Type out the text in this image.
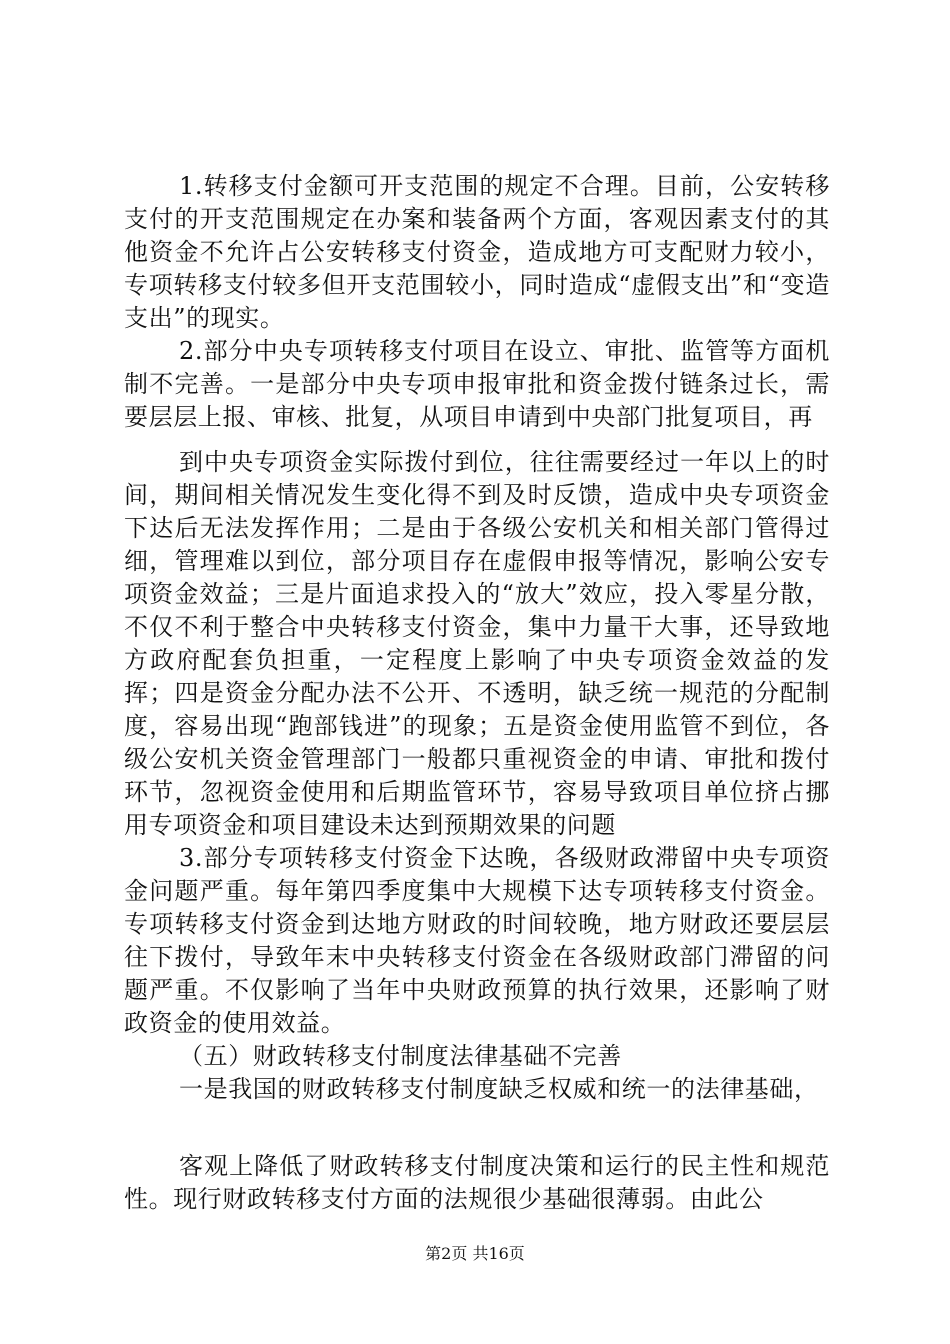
1.转移支付金额可开支范围的规定不合理。目前，公安转移支付的开支范围规定在办案和装备两个方面，客观因素支付的其他资金不允许占公安转移支付资金，造成地方可支配财力较小，专项转移支付较多但开支范围较小，同时造成“虚假支出”和“变造支出”的现实。

2.部分中央专项转移支付项目在设立、审批、监管等方面机制不完善。一是部分中央专项申报审批和资金拨付链条过长，需要层层上报、审核、批复，从项目申请到中央部门批复项目，再

到中央专项资金实际拨付到位，往往需要经过一年以上的时间，期间相关情况发生变化得不到及时反馈，造成中央专项资金下达后无法发挥作用；二是由于各级公安机关和相关部门管得过细，管理难以到位，部分项目存在虚假申报等情况，影响公安专项资金效益；三是片面追求投入的“放大”效应，投入零星分散，不仅不利于整合中央转移支付资金，集中力量干大事，还导致地方政府配套负担重，一定程度上影响了中央专项资金效益的发挥；四是资金分配办法不公开、不透明，缺乏统一规范的分配制度，容易出现“跑部钱进”的现象；五是资金使用监管不到位，各级公安机关资金管理部门一般都只重视资金的申请、审批和拨付环节，忽视资金使用和后期监管环节，容易导致项目单位挤占挪用专项资金和项目建设未达到预期效果的问题

3.部分专项转移支付资金下达晚，各级财政滞留中央专项资金问题严重。每年第四季度集中大规模下达专项转移支付资金。专项转移支付资金到达地方财政的时间较晚，地方财政还要层层往下拨付，导致年末中央转移支付资金在各级财政部门滞留的问题严重。不仅影响了当年中央财政预算的执行效果，还影响了财政资金的使用效益。

（五）财政转移支付制度法律基础不完善

一是我国的财政转移支付制度缺乏权威和统一的法律基础，

客观上降低了财政转移支付制度决策和运行的民主性和规范性。现行财政转移支付方面的法规很少基础很薄弱。由此公

第2页 共16页
